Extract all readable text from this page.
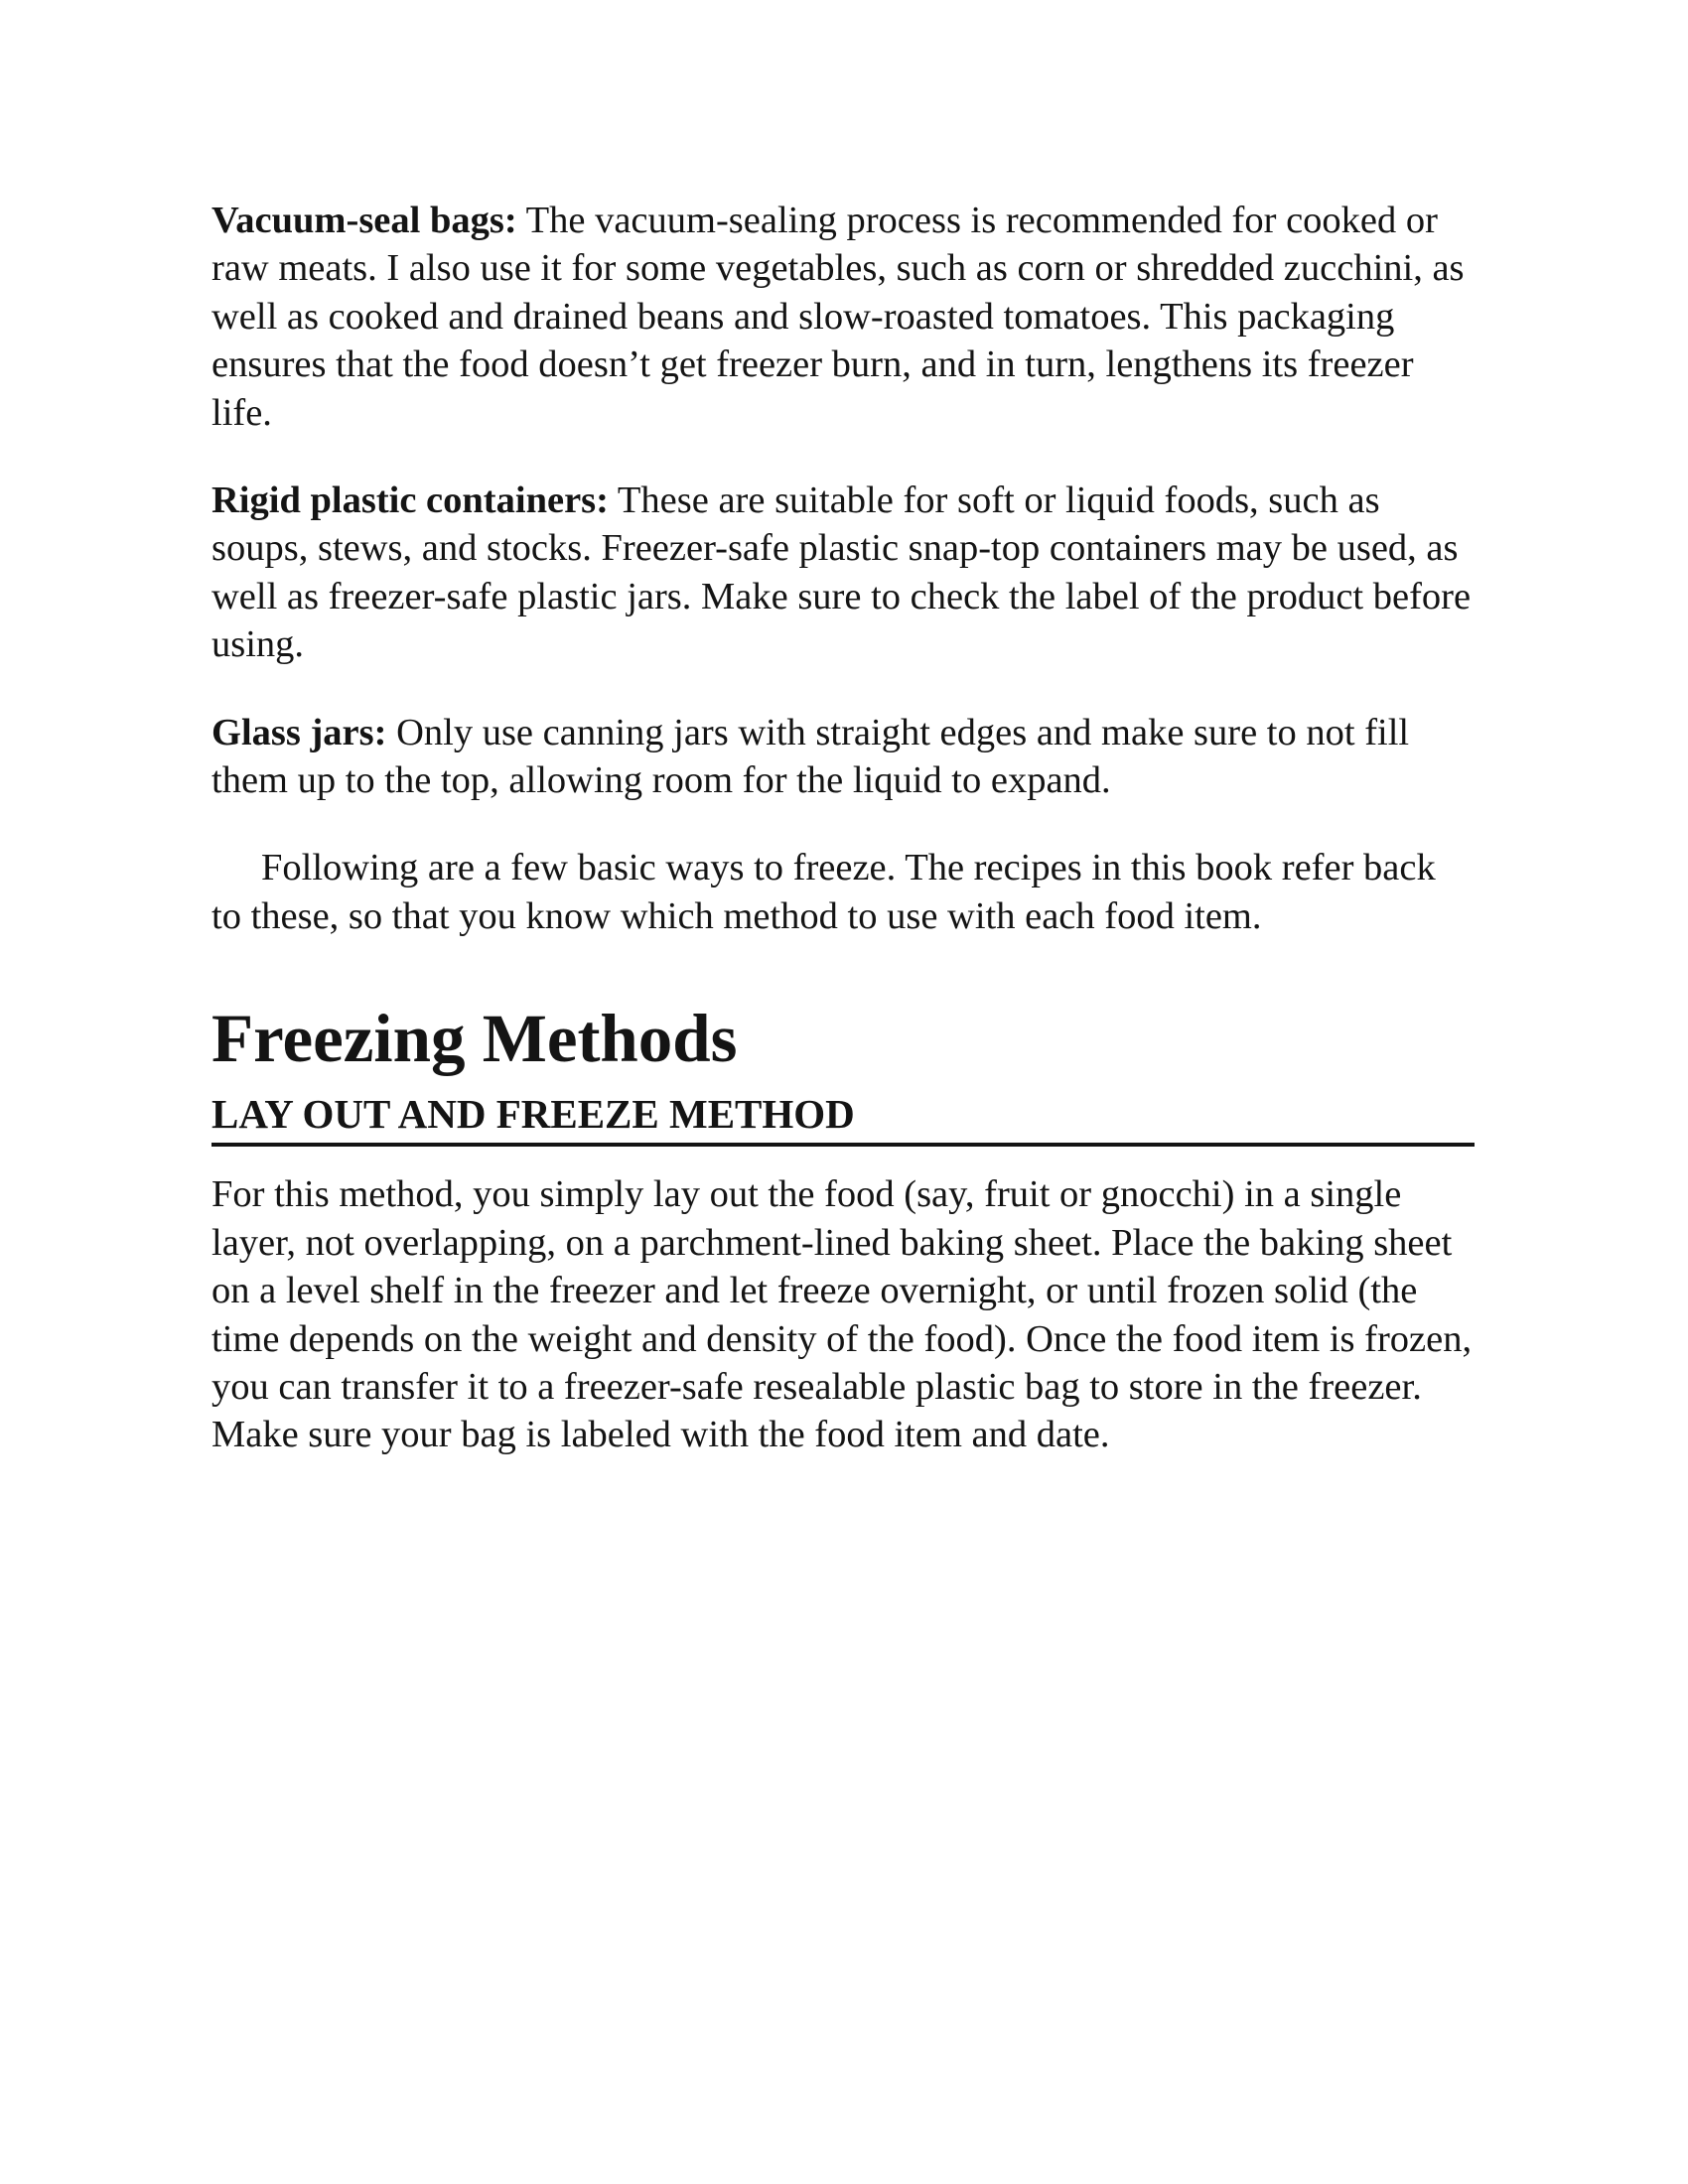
Vacuum-seal bags: The vacuum-sealing process is recommended for cooked or raw meats. I also use it for some vegetables, such as corn or shredded zucchini, as well as cooked and drained beans and slow-roasted tomatoes. This packaging ensures that the food doesn’t get freezer burn, and in turn, lengthens its freezer life.

Rigid plastic containers: These are suitable for soft or liquid foods, such as soups, stews, and stocks. Freezer-safe plastic snap-top containers may be used, as well as freezer-safe plastic jars. Make sure to check the label of the product before using.

Glass jars: Only use canning jars with straight edges and make sure to not fill them up to the top, allowing room for the liquid to expand.

Following are a few basic ways to freeze. The recipes in this book refer back to these, so that you know which method to use with each food item.

Freezing Methods
LAY OUT AND FREEZE METHOD

For this method, you simply lay out the food (say, fruit or gnocchi) in a single layer, not overlapping, on a parchment-lined baking sheet. Place the baking sheet on a level shelf in the freezer and let freeze overnight, or until frozen solid (the time depends on the weight and density of the food). Once the food item is frozen, you can transfer it to a freezer-safe resealable plastic bag to store in the freezer. Make sure your bag is labeled with the food item and date.
